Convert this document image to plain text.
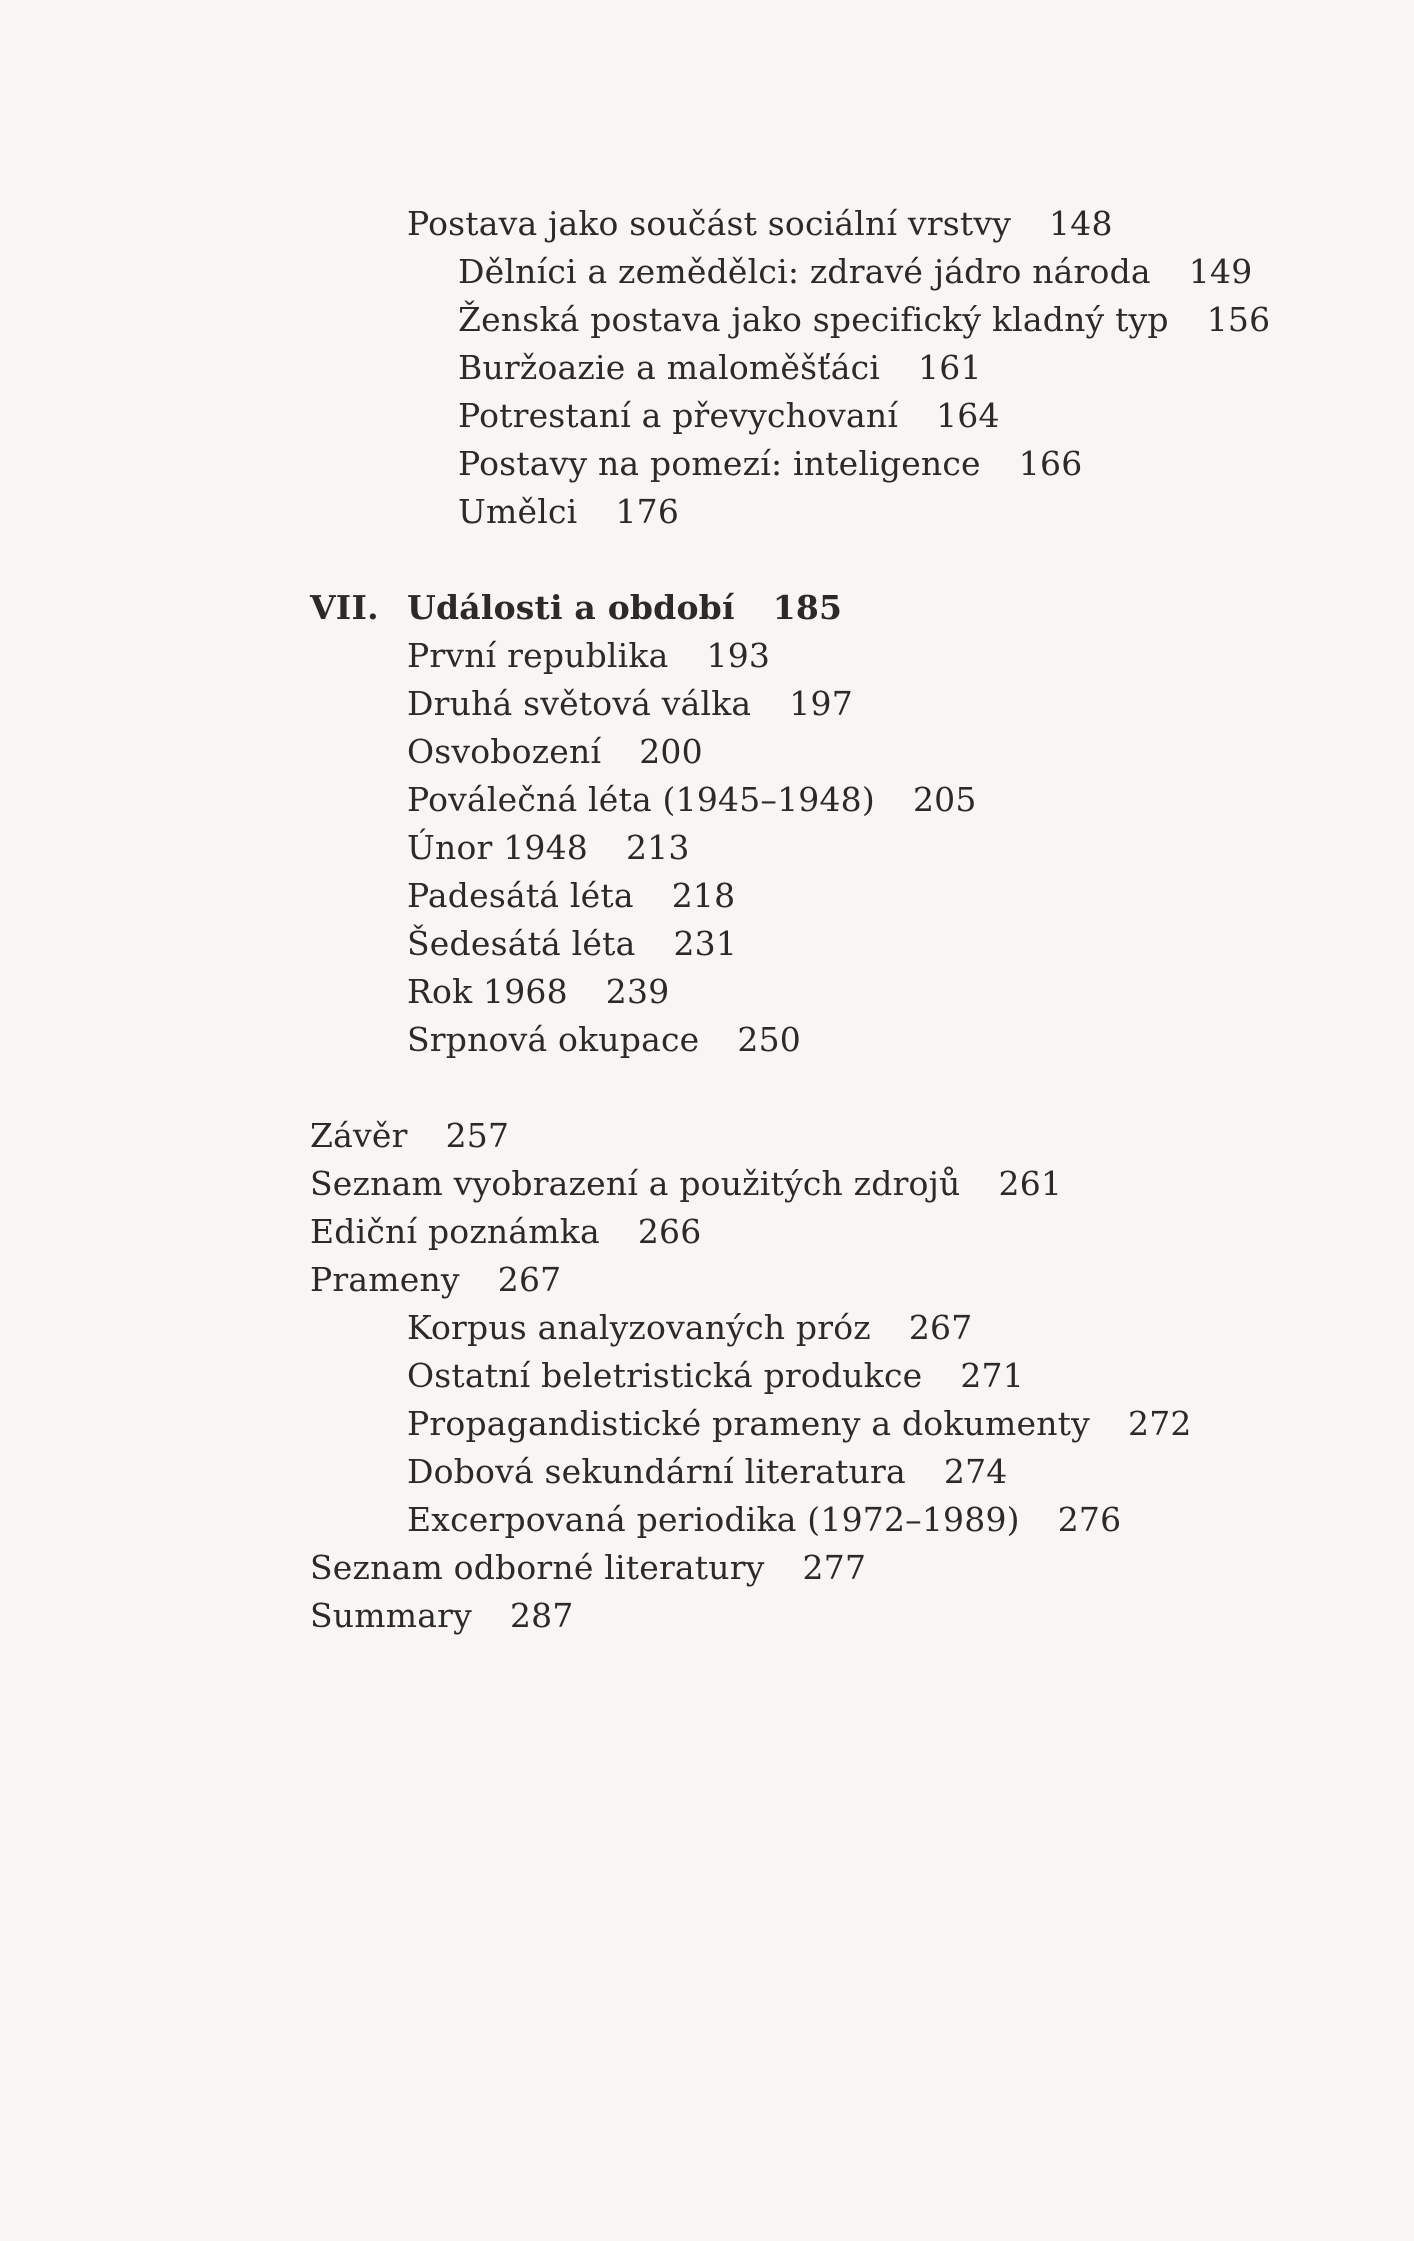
Postava jako součást sociální vrstvy 148
Dělníci a zemědělci: zdravé jádro národa 149
Ženská postava jako specifický kladný typ 156
Buržoazie a maloměšťáci 161
Potrestaní a převychovaní 164
Postavy na pomezí: inteligence 166
Umělci 176
VII. Události a období 185
První republika 193
Druhá světová válka 197
Osvobození 200
Poválečná léta (1945–1948) 205
Únor 1948 213
Padesátá léta 218
Šedesátá léta 231
Rok 1968 239
Srpnová okupace 250
Závěr 257
Seznam vyobrazení a použitých zdrojů 261
Ediční poznámka 266
Prameny 267
Korpus analyzovaných próz 267
Ostatní beletristická produkce 271
Propagandistické prameny a dokumenty 272
Dobová sekundární literatura 274
Excerpovaná periodika (1972–1989) 276
Seznam odborné literatury 277
Summary 287
